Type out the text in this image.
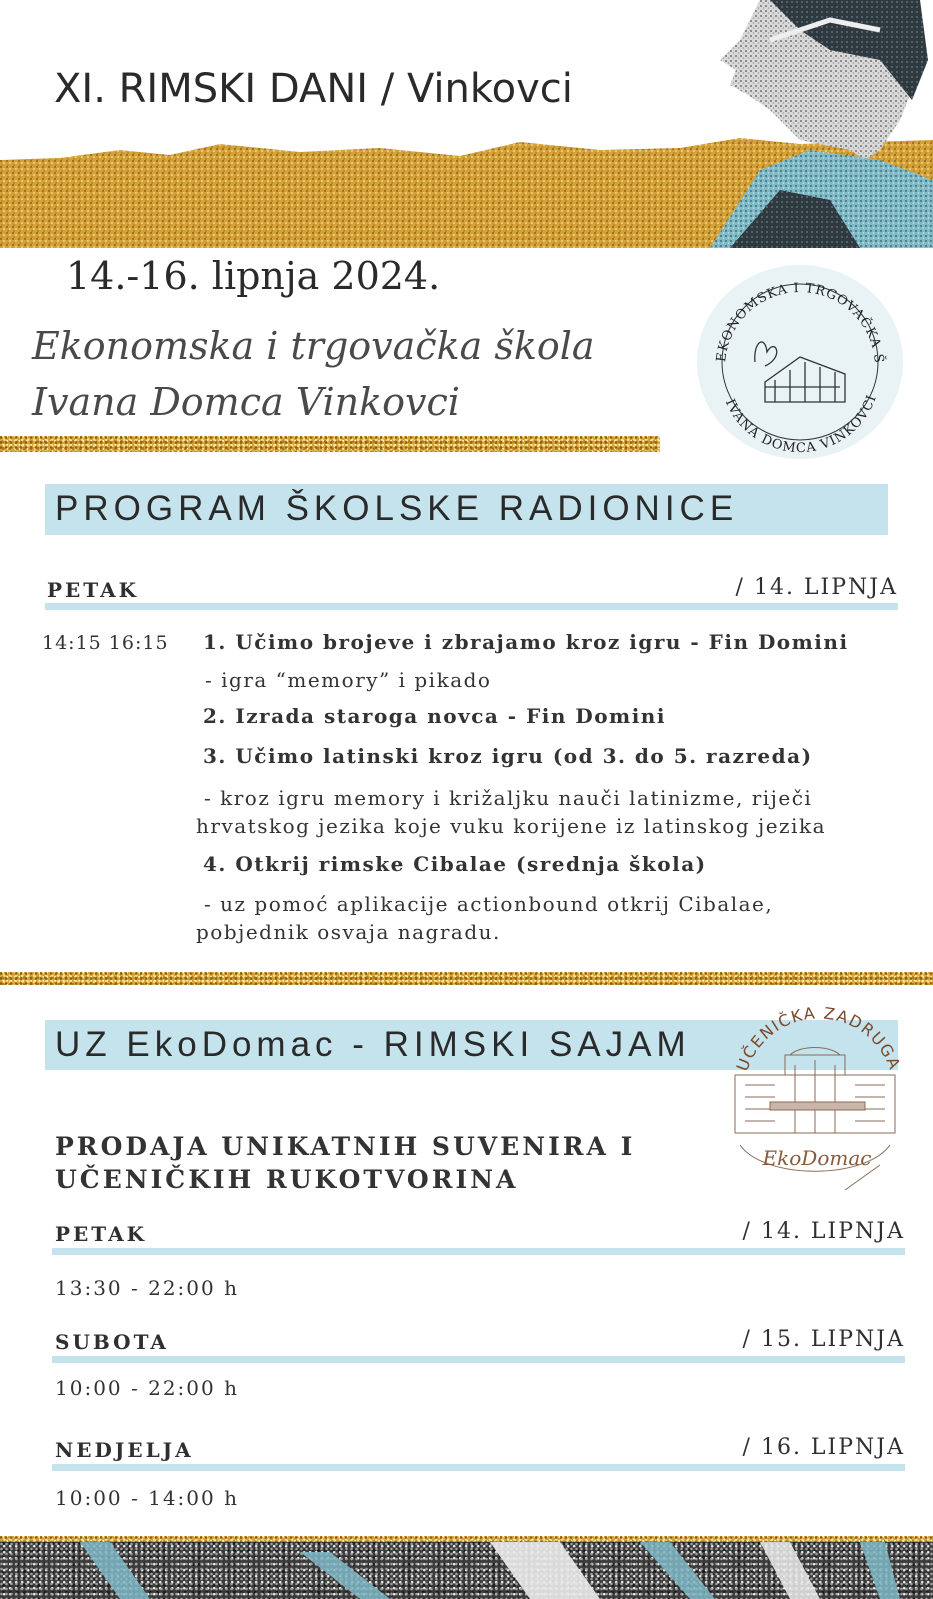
XI. RIMSKI DANI / Vinkovci
14.-16. lipnja 2024.
Ekonomska i trgovačka škola Ivana Domca Vinkovci
EKONOMSKA I TRGOVAČKA Š
IVANA DOMCA VINKOVCI
PROGRAM ŠKOLSKE RADIONICE
PETAK	/ 14. LIPNJA
14:15 16:15 1. Učimo brojeve i zbrajamo kroz igru - Fin Domini
- igra “memory” i pikado
2. Izrada staroga novca - Fin Domini
3. Učimo latinski kroz igru (od 3. do 5. razreda)
- kroz igru memory i križaljku nauči latinizme, riječi hrvatskog jezika koje vuku korijene iz latinskog jezika
4. Otkrij rimske Cibalae (srednja škola)
- uz pomoć aplikacije actionbound otkrij Cibalae, pobjednik osvaja nagradu.
UZ EkoDomac - RIMSKI SAJAM
UČENIČKA ZADRUGA
EkoDomac
PRODAJA UNIKATNIH SUVENIRA I
UČENIČKIH RUKOTVORINA
PETAK	/ 14. LIPNJA
13:30 - 22:00 h
SUBOTA	/ 15. LIPNJA
10:00 - 22:00 h
NEDJELJA	/ 16. LIPNJA
10:00 - 14:00 h
